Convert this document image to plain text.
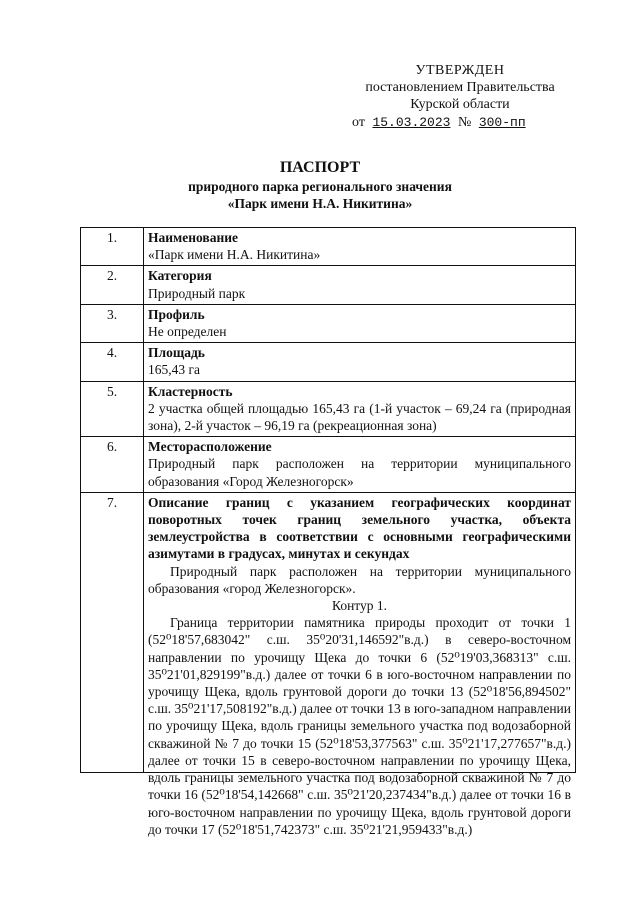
УТВЕРЖДЕН
постановлением Правительства
Курской области
от 15.03.2023 № 300-пп
ПАСПОРТ
природного парка регионального значения
«Парк имени Н.А. Никитина»
1.	Наименование
«Парк имени Н.А. Никитина»

2.	Категория
Природный парк

3.	Профиль
Не определен

4.	Площадь
165,43 га

5.	Кластерность
2 участка общей площадью 165,43 га (1-й участок – 69,24 га (природная зона), 2-й участок – 96,19 га (рекреационная зона)

6.	Месторасположение
Природный парк расположен на территории муниципального образования «Город Железногорск»

7.	Описание границ с указанием географических координат поворотных точек границ земельного участка, объекта землеустройства в соответствии с основными географическими азимутами в градусах, минутах и секундах

Природный парк расположен на территории муниципального образования «город Железногорск».

Контур 1.

Граница территории памятника природы проходит от точки 1 (52⁰18'57,683042" с.ш. 35⁰20'31,146592"в.д.) в северо-восточном направлении по урочищу Щека до точки 6 (52⁰19'03,368313" с.ш. 35⁰21'01,829199"в.д.) далее от точки 6 в юго-восточном направлении по урочищу Щека, вдоль грунтовой дороги до точки 13 (52⁰18'56,894502" с.ш. 35⁰21'17,508192"в.д.) далее от точки 13 в юго-западном направлении по урочищу Щека, вдоль границы земельного участка под водозаборной скважиной № 7 до точки 15 (52⁰18'53,377563" с.ш. 35⁰21'17,277657"в.д.) далее от точки 15 в северо-восточном направлении по урочищу Щека, вдоль границы земельного участка под водозаборной скважиной № 7 до точки 16 (52⁰18'54,142668" с.ш. 35⁰21'20,237434"в.д.) далее от точки 16 в юго-восточном направлении по урочищу Щека, вдоль грунтовой дороги до точки 17 (52⁰18'51,742373" с.ш. 35⁰21'21,959433"в.д.)
